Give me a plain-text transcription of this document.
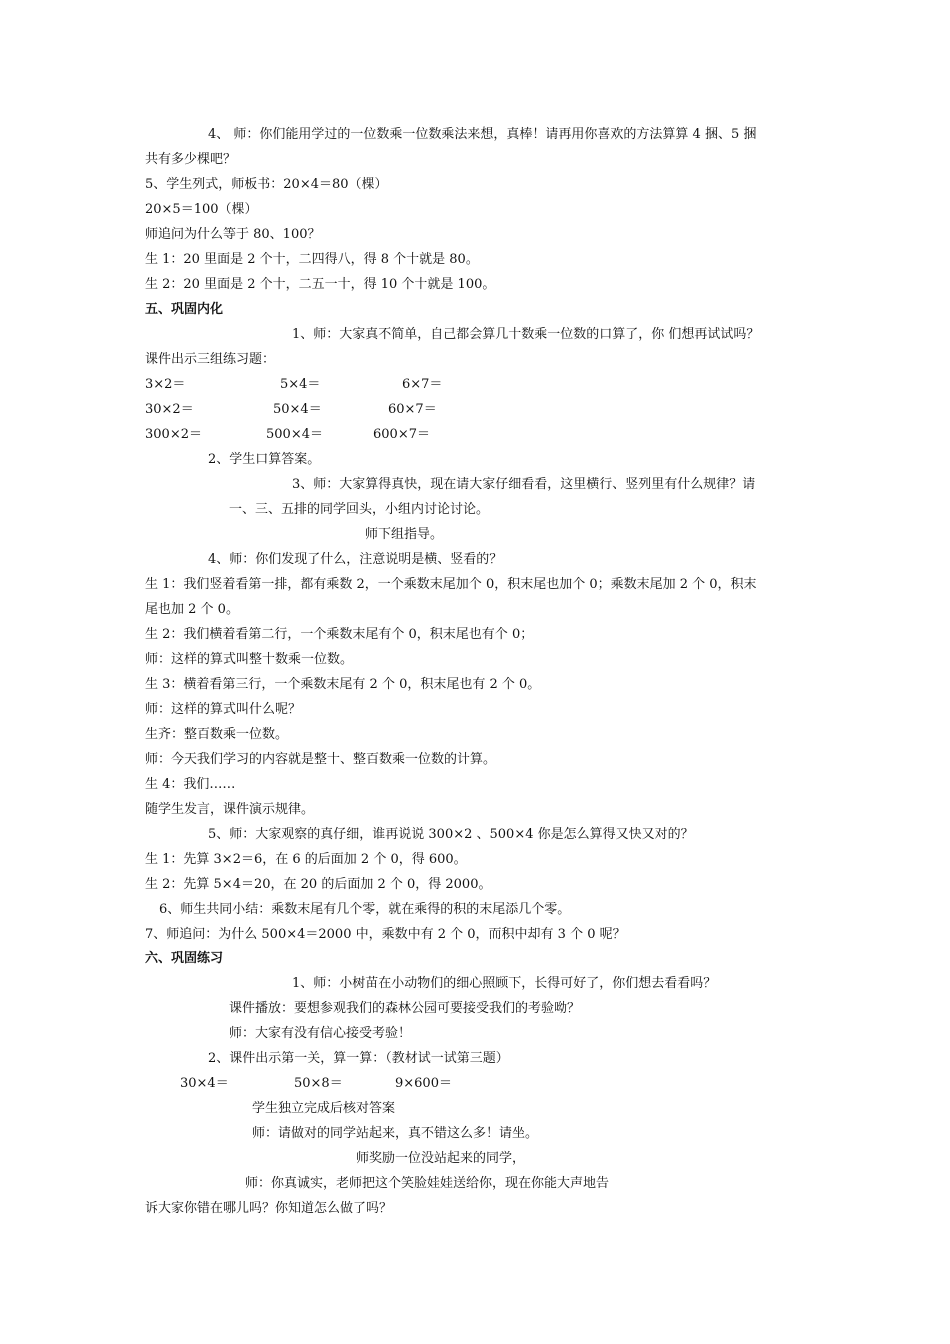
4、 师：你们能用学过的一位数乘一位数乘法来想，真棒！请再用你喜欢的方法算算 4 捆、5 捆
共有多少棵吧？
5、学生列式，师板书：20×4＝80（棵）
20×5＝100（棵）
师追问为什么等于 80、100？
生 1：20 里面是 2 个十，二四得八，得 8 个十就是 80。
生 2：20 里面是 2 个十，二五一十，得 10 个十就是 100。
五、巩固内化
1、师：大家真不简单，自己都会算几十数乘一位数的口算了，你 们想再试试吗？
课件出示三组练习题：
3×2＝	5×4＝	6×7＝
30×2＝	50×4＝	60×7＝
300×2＝	500×4＝	600×7＝
2、学生口算答案。
3、师：大家算得真快，现在请大家仔细看看，这里横行、竖列里有什么规律？请
一、三、五排的同学回头，小组内讨论讨论。
师下组指导。
4、师：你们发现了什么，注意说明是横、竖看的？
生 1：我们竖着看第一排，都有乘数 2，一个乘数末尾加个 0，积末尾也加个 0；乘数末尾加 2 个 0，积末
尾也加 2 个 0。
生 2：我们横着看第二行，一个乘数末尾有个 0，积末尾也有个 0；
师：这样的算式叫整十数乘一位数。
生 3：横着看第三行，一个乘数末尾有 2 个 0，积末尾也有 2 个 0。
师：这样的算式叫什么呢？
生齐：整百数乘一位数。
师：今天我们学习的内容就是整十、整百数乘一位数的计算。
生 4：我们……
随学生发言，课件演示规律。
5、师：大家观察的真仔细，谁再说说 300×2 、500×4 你是怎么算得又快又对的？
生 1：先算 3×2＝6，在 6 的后面加 2 个 0，得 600。
生 2：先算 5×4＝20，在 20 的后面加 2 个 0，得 2000。
6、师生共同小结：乘数末尾有几个零，就在乘得的积的末尾添几个零。
7、师追问：为什么 500×4＝2000 中，乘数中有 2 个 0，而积中却有 3 个 0 呢？
六、巩固练习
1、师：小树苗在小动物们的细心照顾下，长得可好了，你们想去看看吗？
课件播放：要想参观我们的森林公园可要接受我们的考验呦？
师：大家有没有信心接受考验！
2、课件出示第一关，算一算：（教材试一试第三题）
30×4＝	50×8＝	9×600＝
学生独立完成后核对答案
师：请做对的同学站起来，真不错这么多！请坐。
师奖励一位没站起来的同学，
师：你真诚实，老师把这个笑脸娃娃送给你，现在你能大声地告
诉大家你错在哪儿吗？你知道怎么做了吗？
